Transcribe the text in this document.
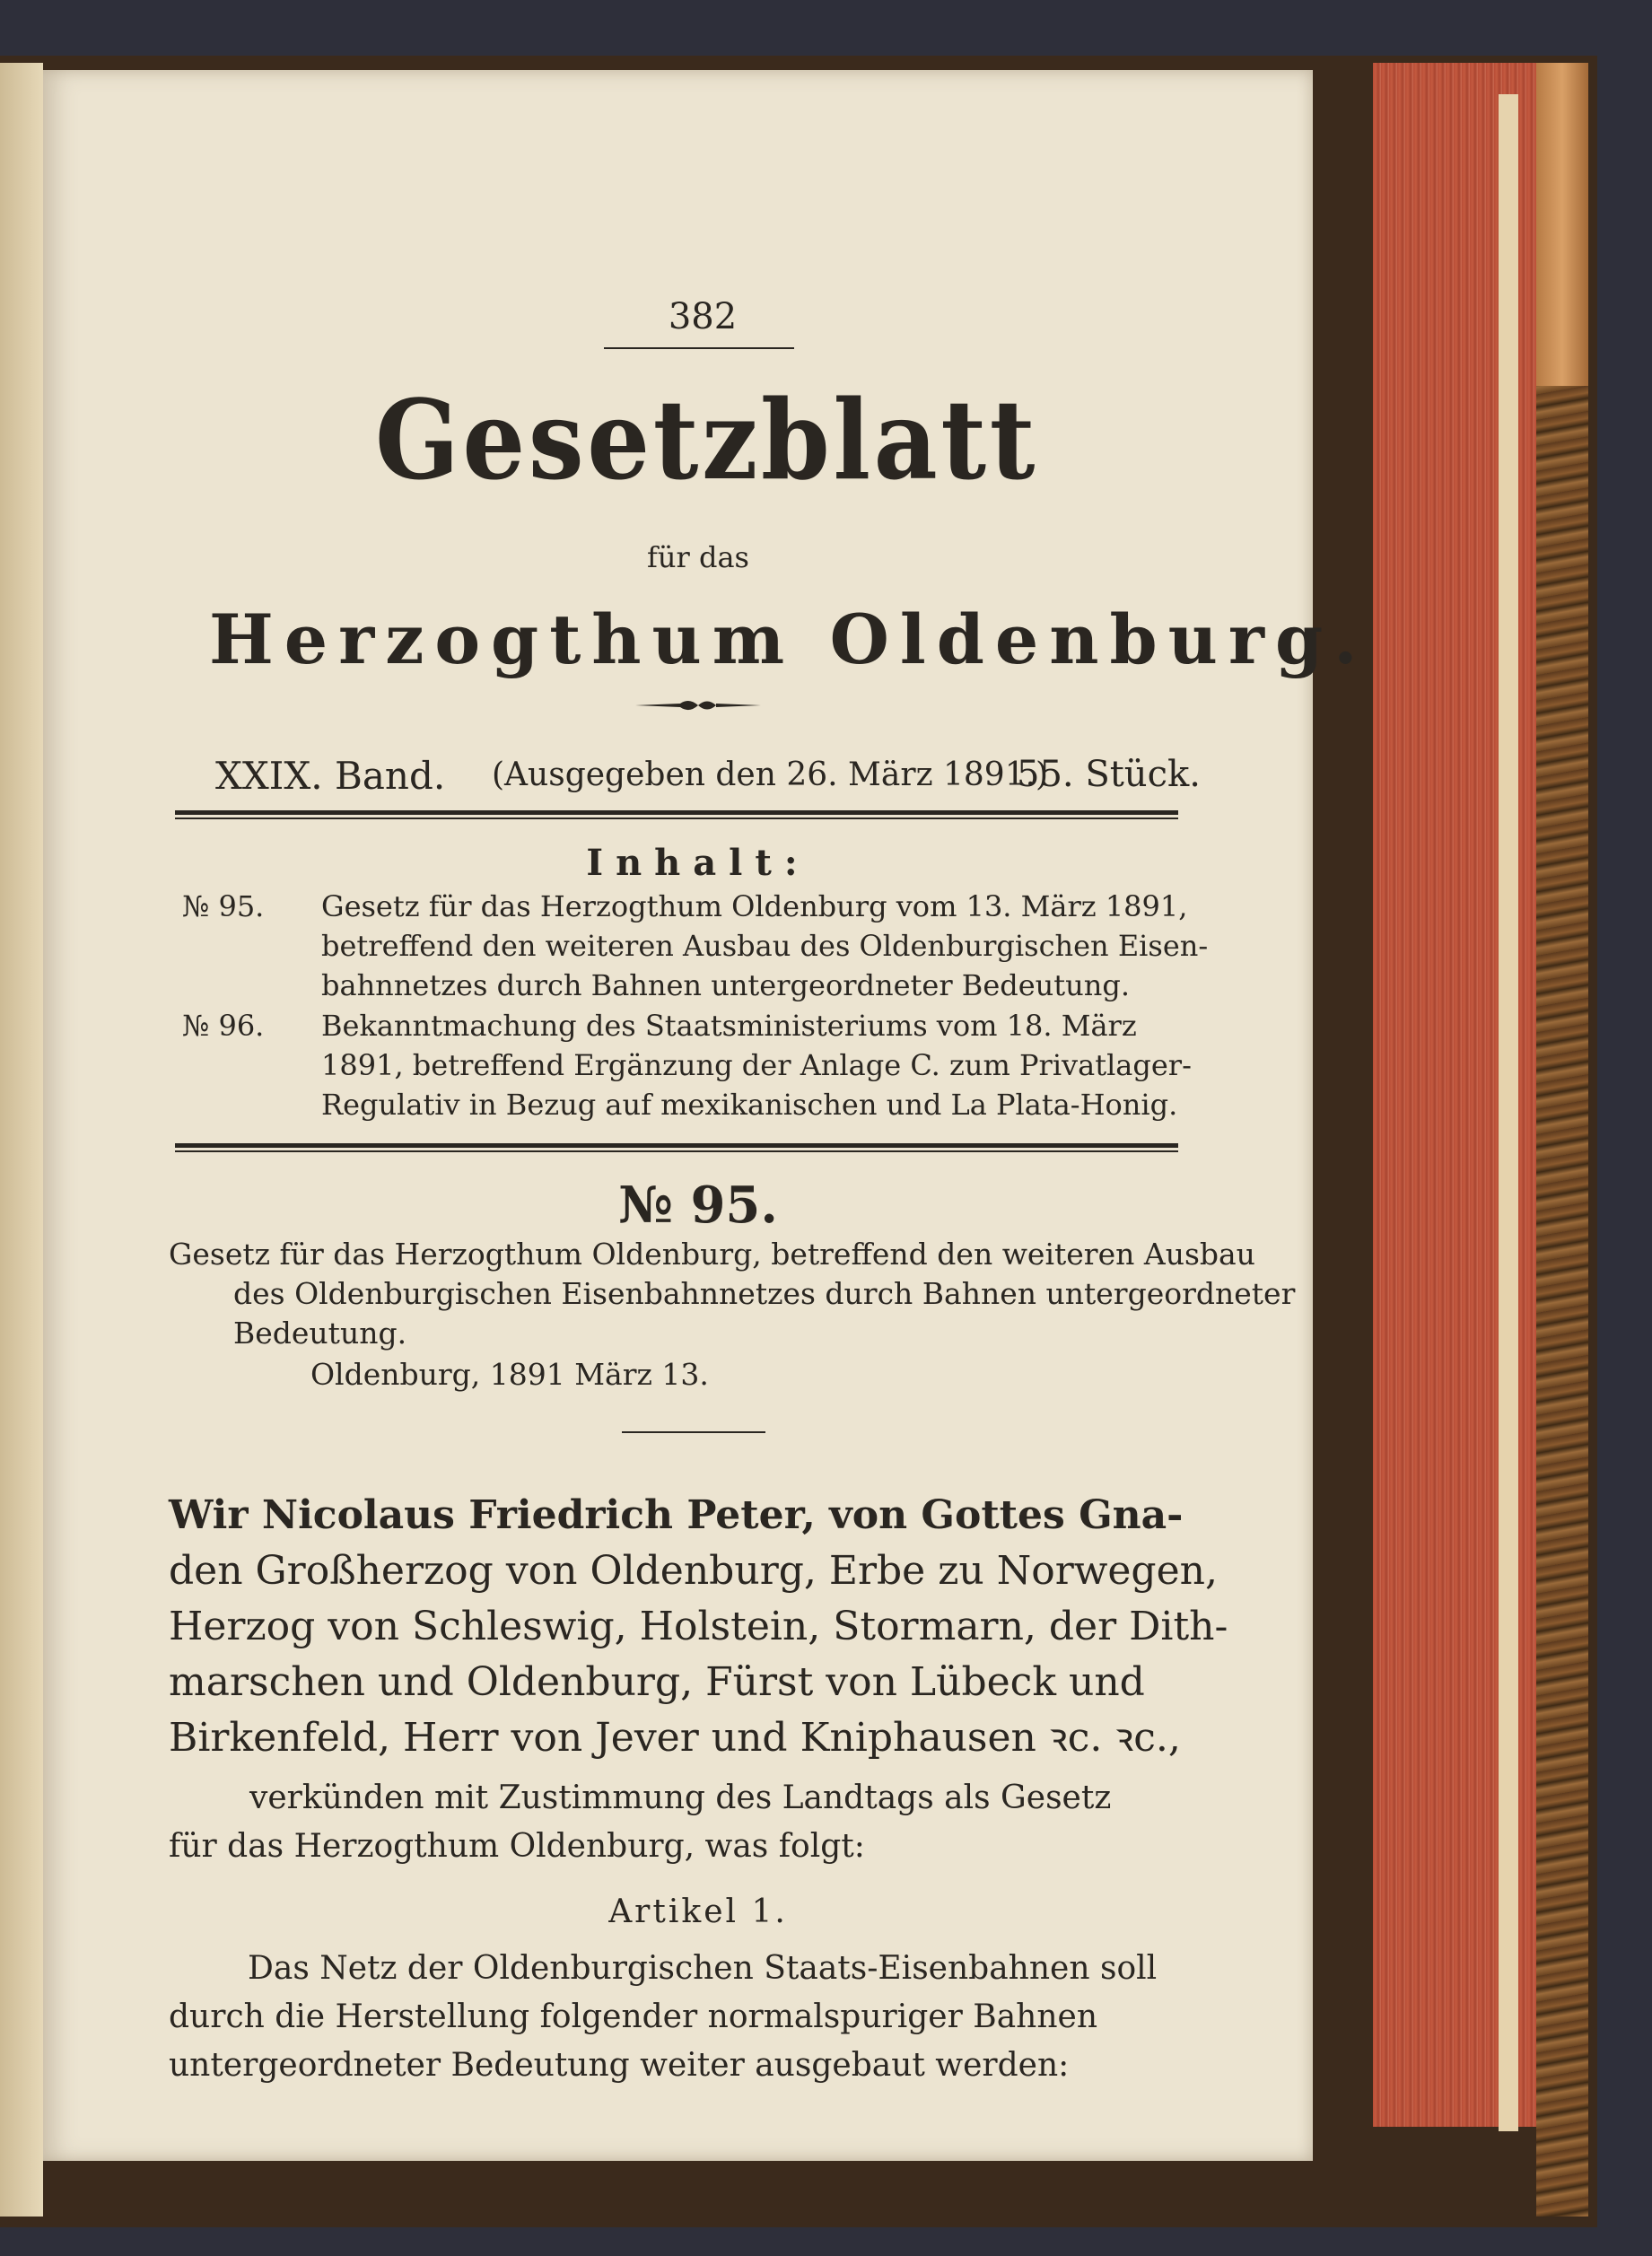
382
Gesetzblatt
für das
Herzogthum Oldenburg.
XXIX. Band. (Ausgegeben den 26. März 1891.)
55. Stück.
Inhalt:
№ 95.	Gesetz für das Herzogthum Oldenburg vom 13. März 1891,
betreffend den weiteren Ausbau des Oldenburgischen Eisen-
bahnnetzes durch Bahnen untergeordneter Bedeutung.
№ 96.	Bekanntmachung des Staatsministeriums vom 18. März
1891, betreffend Ergänzung der Anlage C. zum Privatlager-
Regulativ in Bezug auf mexikanischen und La Plata-Honig.
№ 95.
Gesetz für das Herzogthum Oldenburg, betreffend den weiteren Ausbau
des Oldenburgischen Eisenbahnnetzes durch Bahnen untergeordneter
Bedeutung.
Oldenburg, 1891 März 13.
Wir Nicolaus Friedrich Peter, von Gottes Gna-
den Großherzog von Oldenburg, Erbe zu Norwegen,
Herzog von Schleswig, Holstein, Stormarn, der Dith-
marschen und Oldenburg, Fürst von Lübeck und
Birkenfeld, Herr von Jever und Kniphausen ꝛc. ꝛc.,
verkünden mit Zustimmung des Landtags als Gesetz
für das Herzogthum Oldenburg, was folgt:
Artikel 1.
Das Netz der Oldenburgischen Staats-Eisenbahnen soll
durch die Herstellung folgender normalspuriger Bahnen
untergeordneter Bedeutung weiter ausgebaut werden:
